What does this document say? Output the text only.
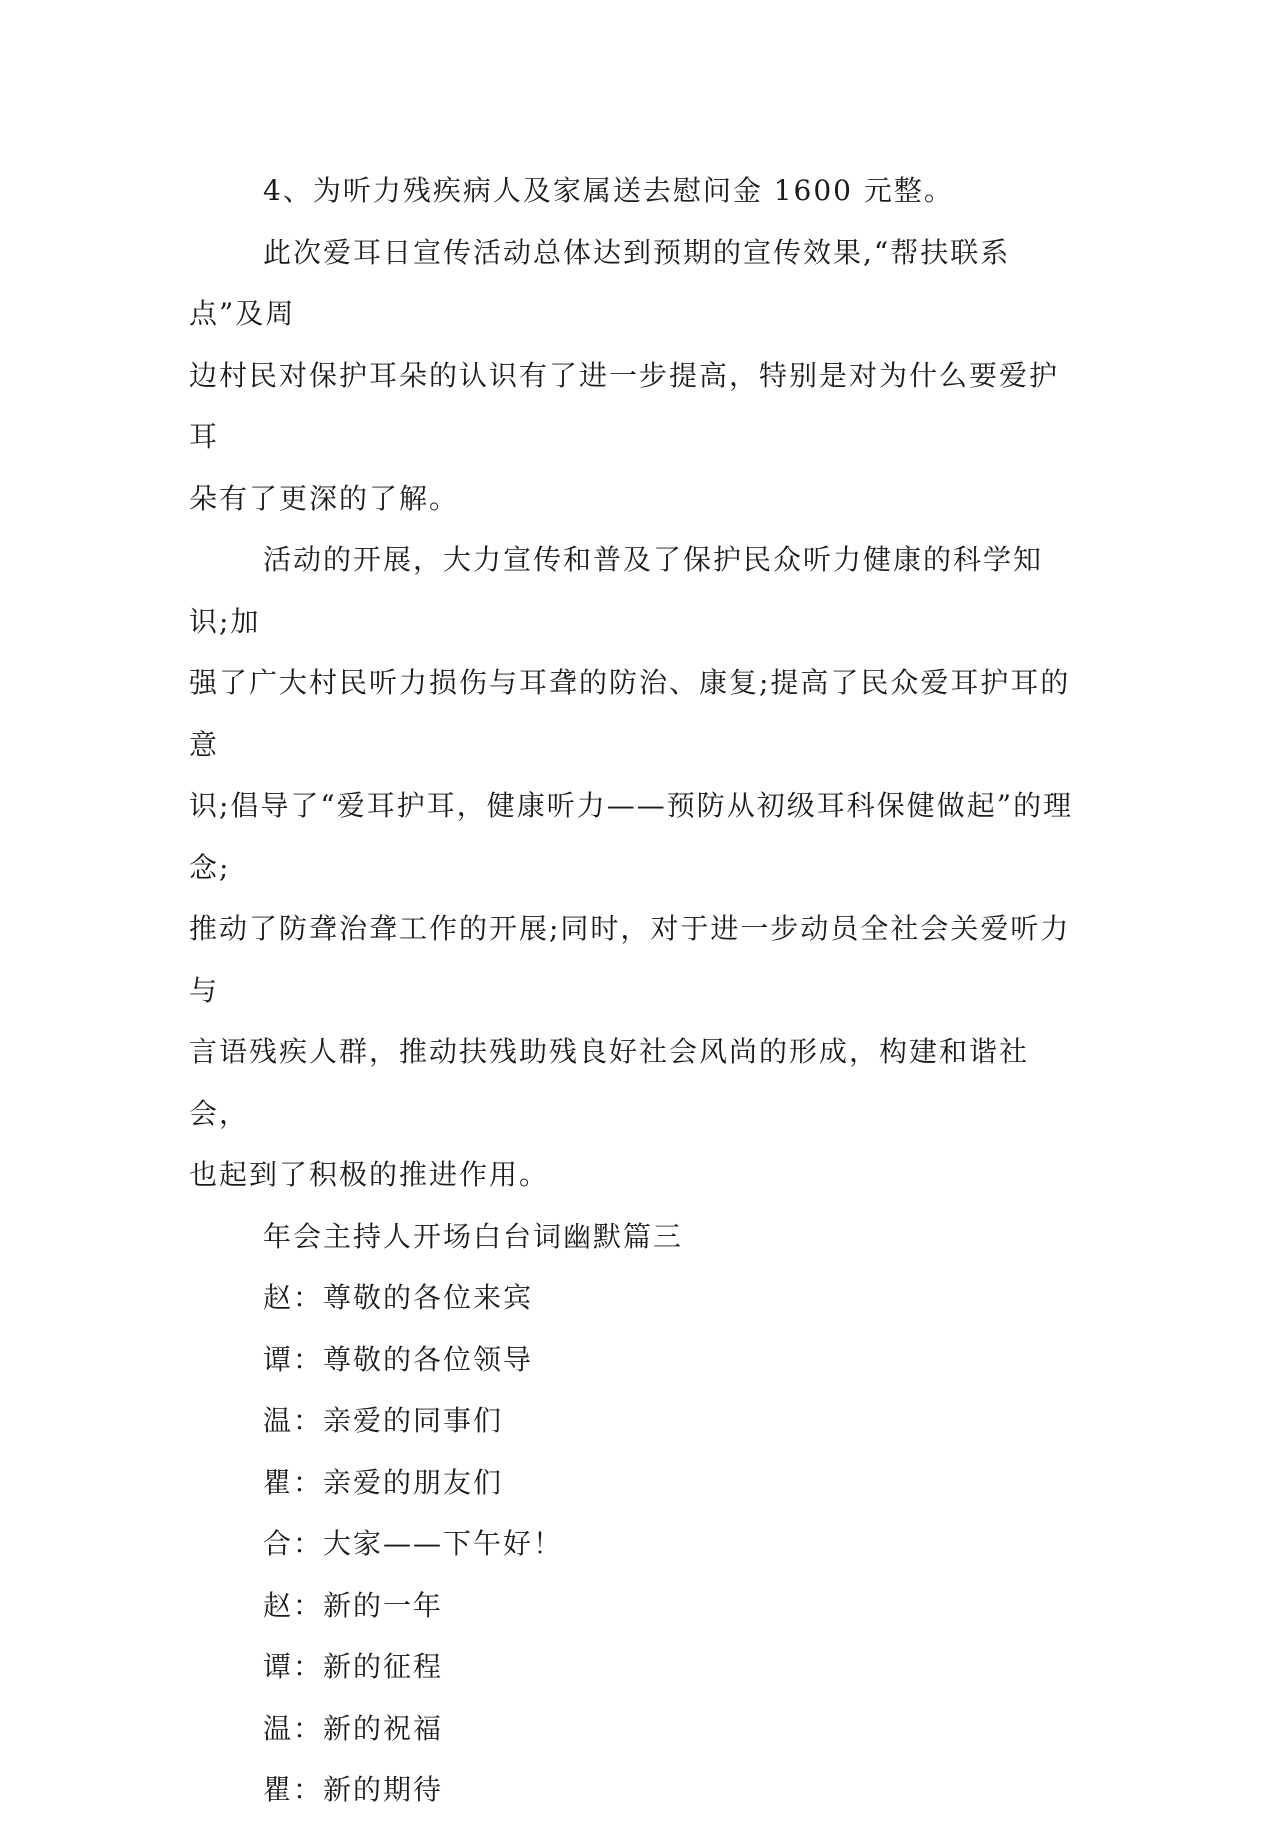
4、为听力残疾病人及家属送去慰问金 1600 元整。
此次爱耳日宣传活动总体达到预期的宣传效果,“帮扶联系点”及周
边村民对保护耳朵的认识有了进一步提高，特别是对为什么要爱护耳
朵有了更深的了解。
活动的开展，大力宣传和普及了保护民众听力健康的科学知识;加
强了广大村民听力损伤与耳聋的防治、康复;提高了民众爱耳护耳的意
识;倡导了“爱耳护耳，健康听力——预防从初级耳科保健做起”的理念;
推动了防聋治聋工作的开展;同时，对于进一步动员全社会关爱听力与
言语残疾人群，推动扶残助残良好社会风尚的形成，构建和谐社会，
也起到了积极的推进作用。
年会主持人开场白台词幽默篇三
赵：尊敬的各位来宾
谭：尊敬的各位领导
温：亲爱的同事们
瞿：亲爱的朋友们
合：大家——下午好！
赵：新的一年
谭：新的征程
温：新的祝福
瞿：新的期待
